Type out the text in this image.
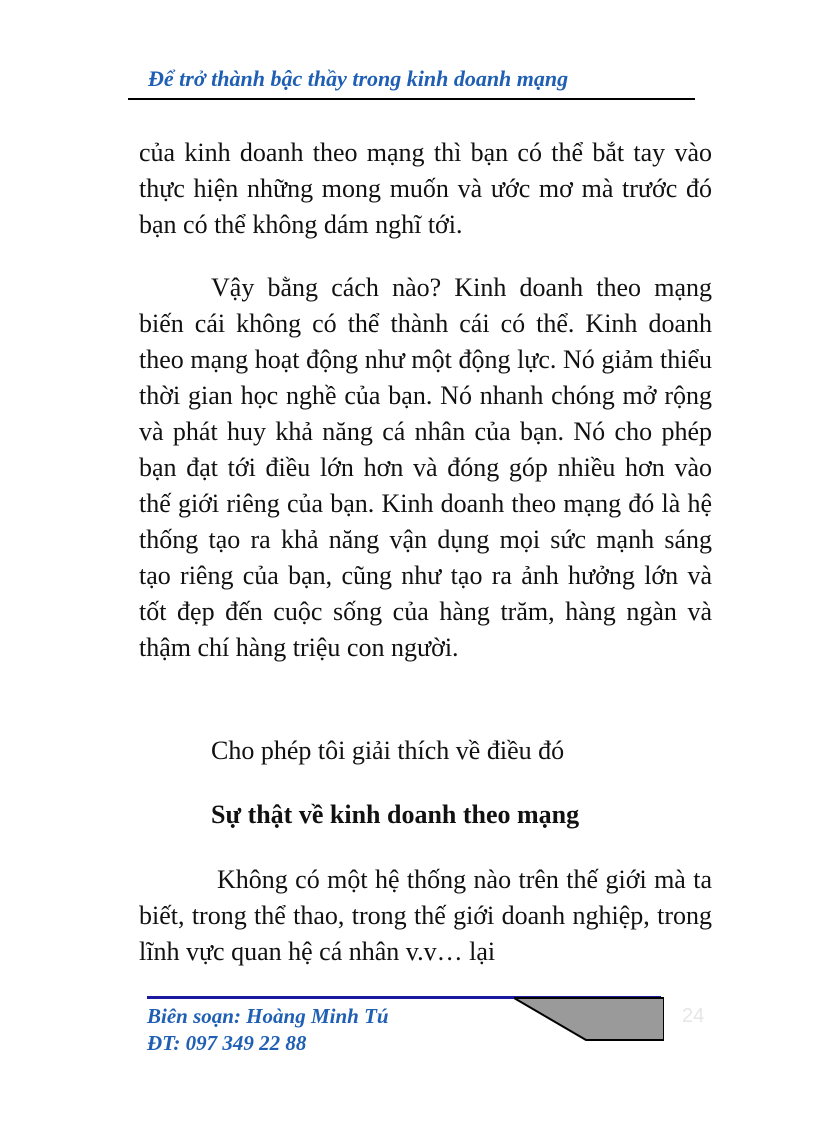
Để trở thành bậc thầy trong kinh doanh mạng
của kinh doanh theo mạng thì bạn có thể bắt tay vào thực hiện những mong muốn và ước mơ mà trước đó bạn có thể không dám nghĩ tới.
Vậy bằng cách nào? Kinh doanh theo mạng biến cái không có thể thành cái có thể. Kinh doanh theo mạng hoạt động như một động lực. Nó giảm thiểu thời gian học nghề của bạn. Nó nhanh chóng mở rộng và phát huy khả năng cá nhân của bạn. Nó cho phép bạn đạt tới điều lớn hơn và đóng góp nhiều hơn vào thế giới riêng của bạn. Kinh doanh theo mạng đó là hệ thống tạo ra khả năng vận dụng mọi sức mạnh sáng tạo riêng của bạn, cũng như tạo ra ảnh hưởng lớn và tốt đẹp đến cuộc sống của hàng trăm, hàng ngàn và thậm chí hàng triệu con người.
Cho phép tôi giải thích về điều đó
Sự thật về kinh doanh theo mạng
Không có một hệ thống nào trên thế giới mà ta biết, trong thể thao, trong thế giới doanh nghiệp, trong lĩnh vực quan hệ cá nhân v.v… lại
24
Biên soạn: Hoàng Minh Tú
ĐT: 097 349 22 88
